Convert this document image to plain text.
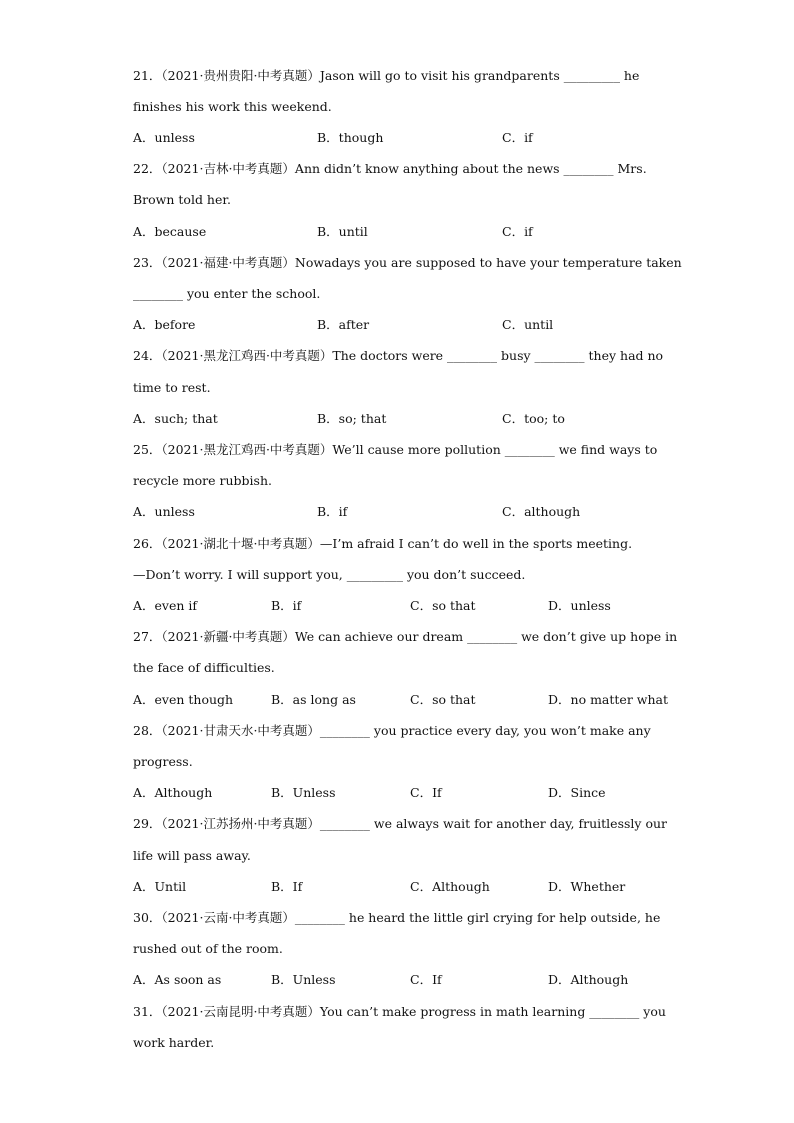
21．（2021·贵州贵阳·中考真题）Jason will go to visit his grandparents _________ he
finishes his work this weekend.
A．unless	B．though	C．if
22．（2021·吉林·中考真题）Ann didn’t know anything about the news ________ Mrs.
Brown told her.
A．because	B．until	C．if
23．（2021·福建·中考真题）Nowadays you are supposed to have your temperature taken
________ you enter the school.
A．before	B．after	C．until
24．（2021·黑龙江鸡西·中考真题）The doctors were ________ busy ________ they had no
time to rest.
A．such; that	B．so; that	C．too; to
25．（2021·黑龙江鸡西·中考真题）We’ll cause more pollution ________ we find ways to
recycle more rubbish.
A．unless	B．if	C．although
26．（2021·湖北十堰·中考真题）—I’m afraid I can’t do well in the sports meeting.
—Don’t worry. I will support you, _________ you don’t succeed.
A．even if	B．if	C．so that	D．unless
27．（2021·新疆·中考真题）We can achieve our dream ________ we don’t give up hope in
the face of difficulties.
A．even though	B．as long as	C．so that	D．no matter what
28．（2021·甘肃天水·中考真题）________ you practice every day, you won’t make any
progress.
A．Although	B．Unless	C．If	D．Since
29．（2021·江苏扬州·中考真题）________ we always wait for another day, fruitlessly our
life will pass away.
A．Until	B．If	C．Although	D．Whether
30．（2021·云南·中考真题）________ he heard the little girl crying for help outside, he
rushed out of the room.
A．As soon as	B．Unless	C．If	D．Although
31．（2021·云南昆明·中考真题）You can’t make progress in math learning ________ you
work harder.
